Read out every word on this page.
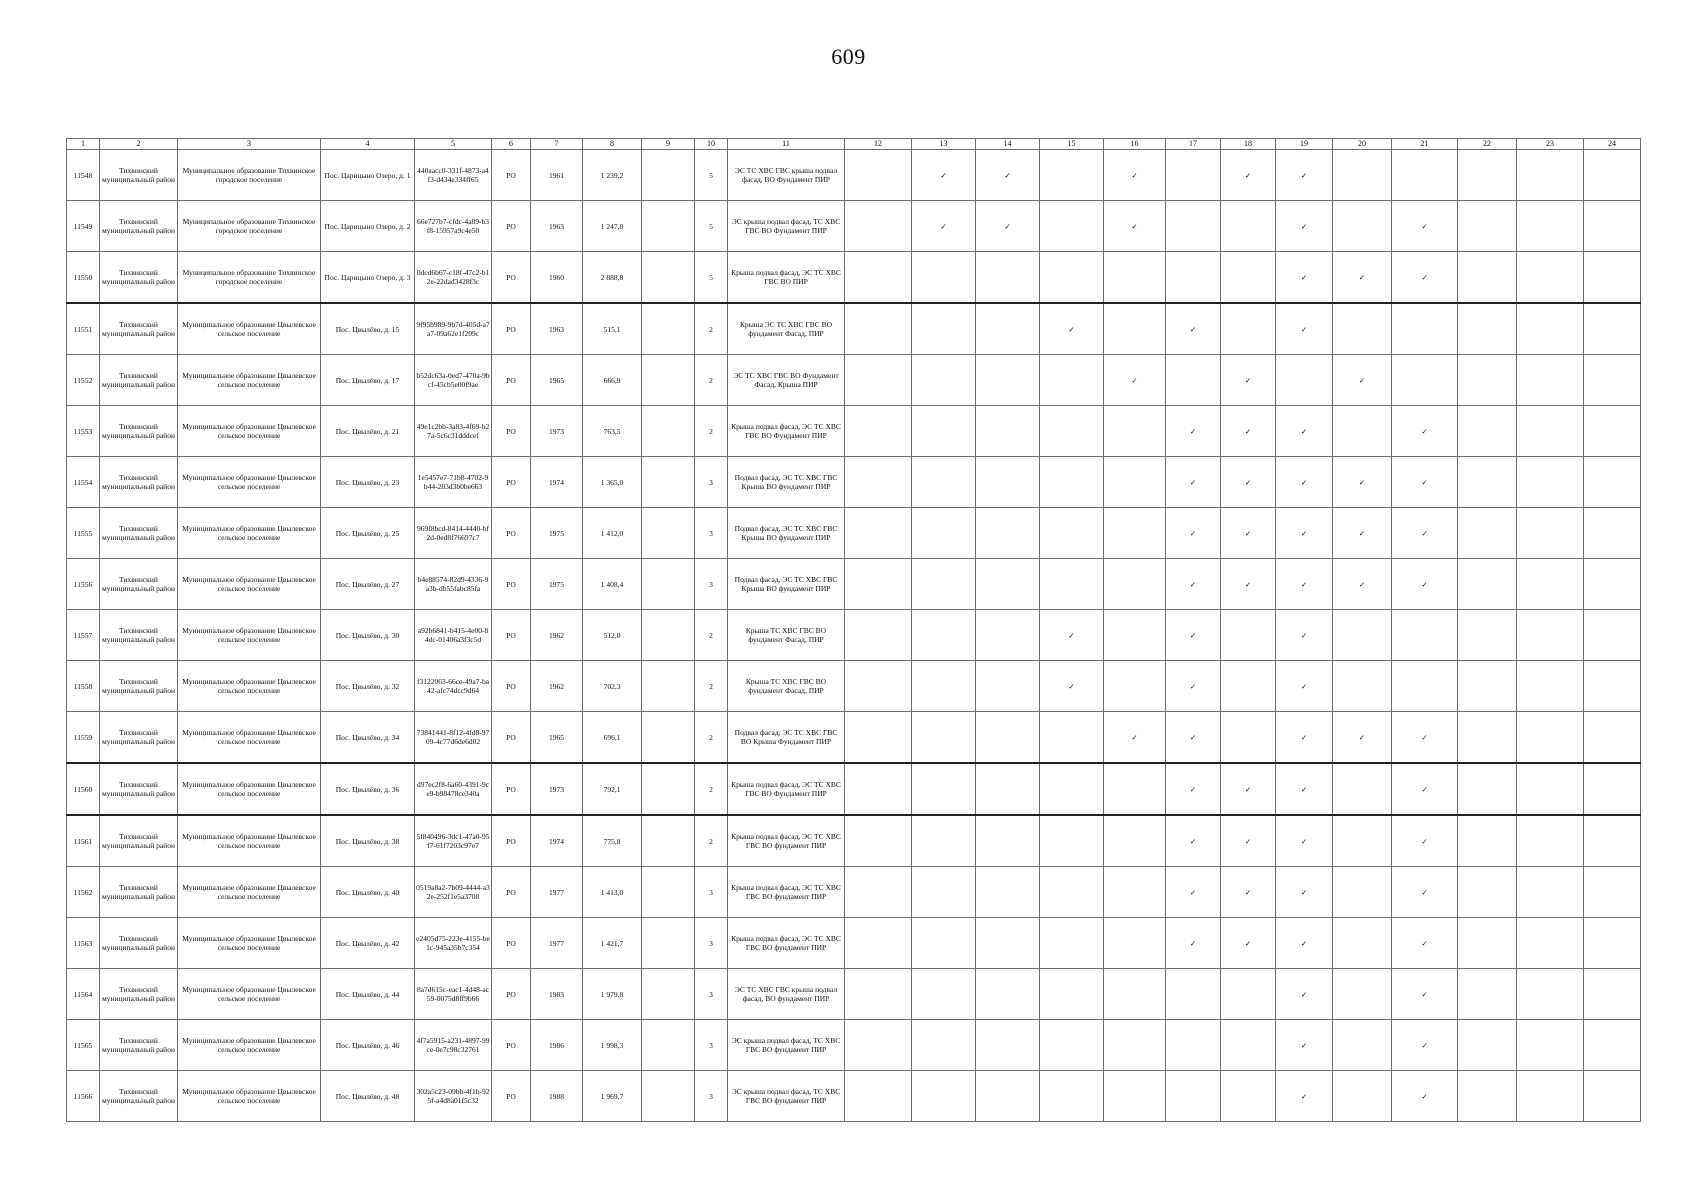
609
1	2	3	4	5	6	7	8	9	10	11	12	13	14	15	16	17	18	19	20	21	22	23	24
11548	Тихвинский муниципальный район	Муниципальное образование Тихвинское городское поселение	Пос. Царицыно Озеро, д. 1	440aacc0-331f-4873-a4f3-d434e334ff65	РО	1961	1 239,2		5	ЭС ТС ХВС ГВС крыша подвал фасад, ВО Фундамент ПИР		✓	✓		✓		✓	✓					
11549	Тихвинский муниципальный район	Муниципальное образование Тихвинское городское поселение	Пос. Царицыно Озеро, д. 2	66e727b7-cfdc-4a89-b3f8-15957a9c4e50	РО	1963	1 247,8		5	ЭС крыша подвал фасад, ТС ХВС ГВС ВО Фундамент ПИР		✓	✓		✓			✓		✓			
11550	Тихвинский муниципальный район	Муниципальное образование Тихвинское городское поселение	Пос. Царицыно Озеро, д. 3	0dcd6b67-c18f-47c2-b12e-22dad3428f3c	РО	1960	2 888,8		5	Крыша подвал фасад, ЭС ТС ХВС ГВС ВО ПИР								✓	✓	✓			
11551	Тихвинский муниципальный район	Муниципальное образование Цвылевское сельское поселение	Пос. Цвылёво, д. 15	9f95b989-9b7d-405d-a7a7-09a62e1f209c	РО	1963	515,1		2	Крыша ЭС ТС ХВС ГВС ВО фундамент Фасад, ПИР				✓		✓		✓					
11552	Тихвинский муниципальный район	Муниципальное образование Цвылевское сельское поселение	Пос. Цвылёво, д. 17	b52dc63a-0ed7-470a-9bcf-45cb5e00f9ae	РО	1965	666,9		2	ЭС ТС ХВС ГВС ВО Фундамент Фасад, Крыша ПИР					✓		✓		✓				
11553	Тихвинский муниципальный район	Муниципальное образование Цвылевское сельское поселение	Пос. Цвылёво, д. 21	49e1c2bb-3a83-4f69-b27a-5c6c31dddcef	РО	1973	763,5		2	Крыша подвал фасад, ЭС ТС ХВС ГВС ВО Фундамент ПИР						✓	✓	✓		✓			
11554	Тихвинский муниципальный район	Муниципальное образование Цвылевское сельское поселение	Пос. Цвылёво, д. 23	1e5457e7-71b8-4702-9b44-283d3b0be663	РО	1974	1 365,0		3	Подвал фасад, ЭС ТС ХВС ГВС Крыша ВО фундамент ПИР						✓	✓	✓	✓	✓			
11555	Тихвинский муниципальный район	Муниципальное образование Цвылевское сельское поселение	Пос. Цвылёво, д. 25	969f8bcd-8414-4440-bf2d-0ed8f76697c7	РО	1975	1 412,0		3	Подвал фасад, ЭС ТС ХВС ГВС Крыша ВО фундамент ПИР						✓	✓	✓	✓	✓			
11556	Тихвинский муниципальный район	Муниципальное образование Цвылевское сельское поселение	Пос. Цвылёво, д. 27	b4e88574-82d9-4336-9a3b-db55fabc85fa	РО	1975	1 408,4		3	Подвал фасад, ЭС ТС ХВС ГВС Крыша ВО фундамент ПИР						✓	✓	✓	✓	✓			
11557	Тихвинский муниципальный район	Муниципальное образование Цвылевское сельское поселение	Пос. Цвылёво, д. 30	a92b6841-b415-4e00-84dc-01406a3f3c5d	РО	1962	512,0		2	Крыша ТС ХВС ГВС ВО фундамент Фасад, ПИР				✓		✓		✓					
11558	Тихвинский муниципальный район	Муниципальное образование Цвылевское сельское поселение	Пос. Цвылёво, д. 32	f3122063-66ce-49a7-ba42-afc74dcc9d64	РО	1962	702,3		2	Крыша ТС ХВС ГВС ВО фундамент Фасад, ПИР				✓		✓		✓					
11559	Тихвинский муниципальный район	Муниципальное образование Цвылевское сельское поселение	Пос. Цвылёво, д. 34	73841441-8f12-4fd8-9709-4c77d6de6d02	РО	1965	696,1		2	Подвал фасад, ЭС ТС ХВС ГВС ВО Крыша Фундамент ПИР					✓	✓		✓	✓	✓			
11560	Тихвинский муниципальный район	Муниципальное образование Цвылевское сельское поселение	Пос. Цвылёво, д. 36	d97ec2f8-6a60-4391-9ce9-b98478ce340a	РО	1973	792,1		2	Крыша подвал фасад, ЭС ТС ХВС ГВС ВО Фундамент ПИР						✓	✓	✓		✓			
11561	Тихвинский муниципальный район	Муниципальное образование Цвылевское сельское поселение	Пос. Цвылёво, д. 38	5f840496-3dc1-47a0-95f7-61f7203c97e7	РО	1974	775,8		2	Крыша подвал фасад, ЭС ТС ХВС ГВС ВО фундамент ПИР						✓	✓	✓		✓			
11562	Тихвинский муниципальный район	Муниципальное образование Цвылевское сельское поселение	Пос. Цвылёво, д. 40	0519a8a2-7b09-4444-a32e-252f1e5a3708	РО	1977	1 413,0		3	Крыша подвал фасад, ЭС ТС ХВС ГВС ВО фундамент ПИР						✓	✓	✓		✓			
11563	Тихвинский муниципальный район	Муниципальное образование Цвылевское сельское поселение	Пос. Цвылёво, д. 42	e2405d75-223e-4155-be1c-945a35b7c354	РО	1977	1 421,7		3	Крыша подвал фасад, ЭС ТС ХВС ГВС ВО фундамент ПИР						✓	✓	✓		✓			
11564	Тихвинский муниципальный район	Муниципальное образование Цвылевское сельское поселение	Пос. Цвылёво, д. 44	8a7d615c-eac1-4d48-ac59-0075d8ff9b66	РО	1983	1 979,8		3	ЭС ТС ХВС ГВС крыша подвал фасад, ВО фундамент ПИР								✓		✓			
11565	Тихвинский муниципальный район	Муниципальное образование Цвылевское сельское поселение	Пос. Цвылёво, д. 46	4f7a5915-a231-4897-99ce-0e7c98c32761	РО	1986	1 998,3		3	ЭС крыша подвал фасад, ТС ХВС ГВС ВО фундамент ПИР								✓		✓			
11566	Тихвинский муниципальный район	Муниципальное образование Цвылевское сельское поселение	Пос. Цвылёво, д. 48	302a5c23-09bb-4f1b-925f-a4d8a01f5c32	РО	1988	1 969,7		3	ЭС крыша подвал фасад, ТС ХВС ГВС ВО фундамент ПИР								✓		✓			
